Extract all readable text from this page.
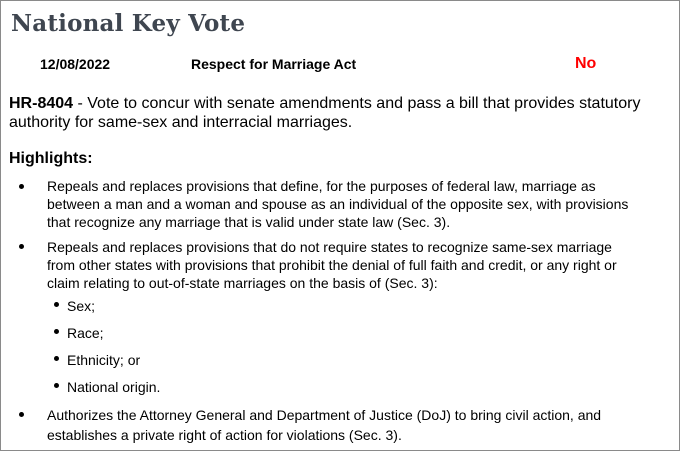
National Key Vote
12/08/2022	Respect for Marriage Act	No
HR-8404 - Vote to concur with senate amendments and pass a bill that provides statutory authority for same-sex and interracial marriages.
Highlights:
Repeals and replaces provisions that define, for the purposes of federal law, marriage as
between a man and a woman and spouse as an individual of the opposite sex, with provisions
that recognize any marriage that is valid under state law (Sec. 3).
Repeals and replaces provisions that do not require states to recognize same-sex marriage
from other states with provisions that prohibit the denial of full faith and credit, or any right or
claim relating to out-of-state marriages on the basis of (Sec. 3):
Sex;
Race;
Ethnicity; or
National origin.
Authorizes the Attorney General and Department of Justice (DoJ) to bring civil action, and
establishes a private right of action for violations (Sec. 3).
